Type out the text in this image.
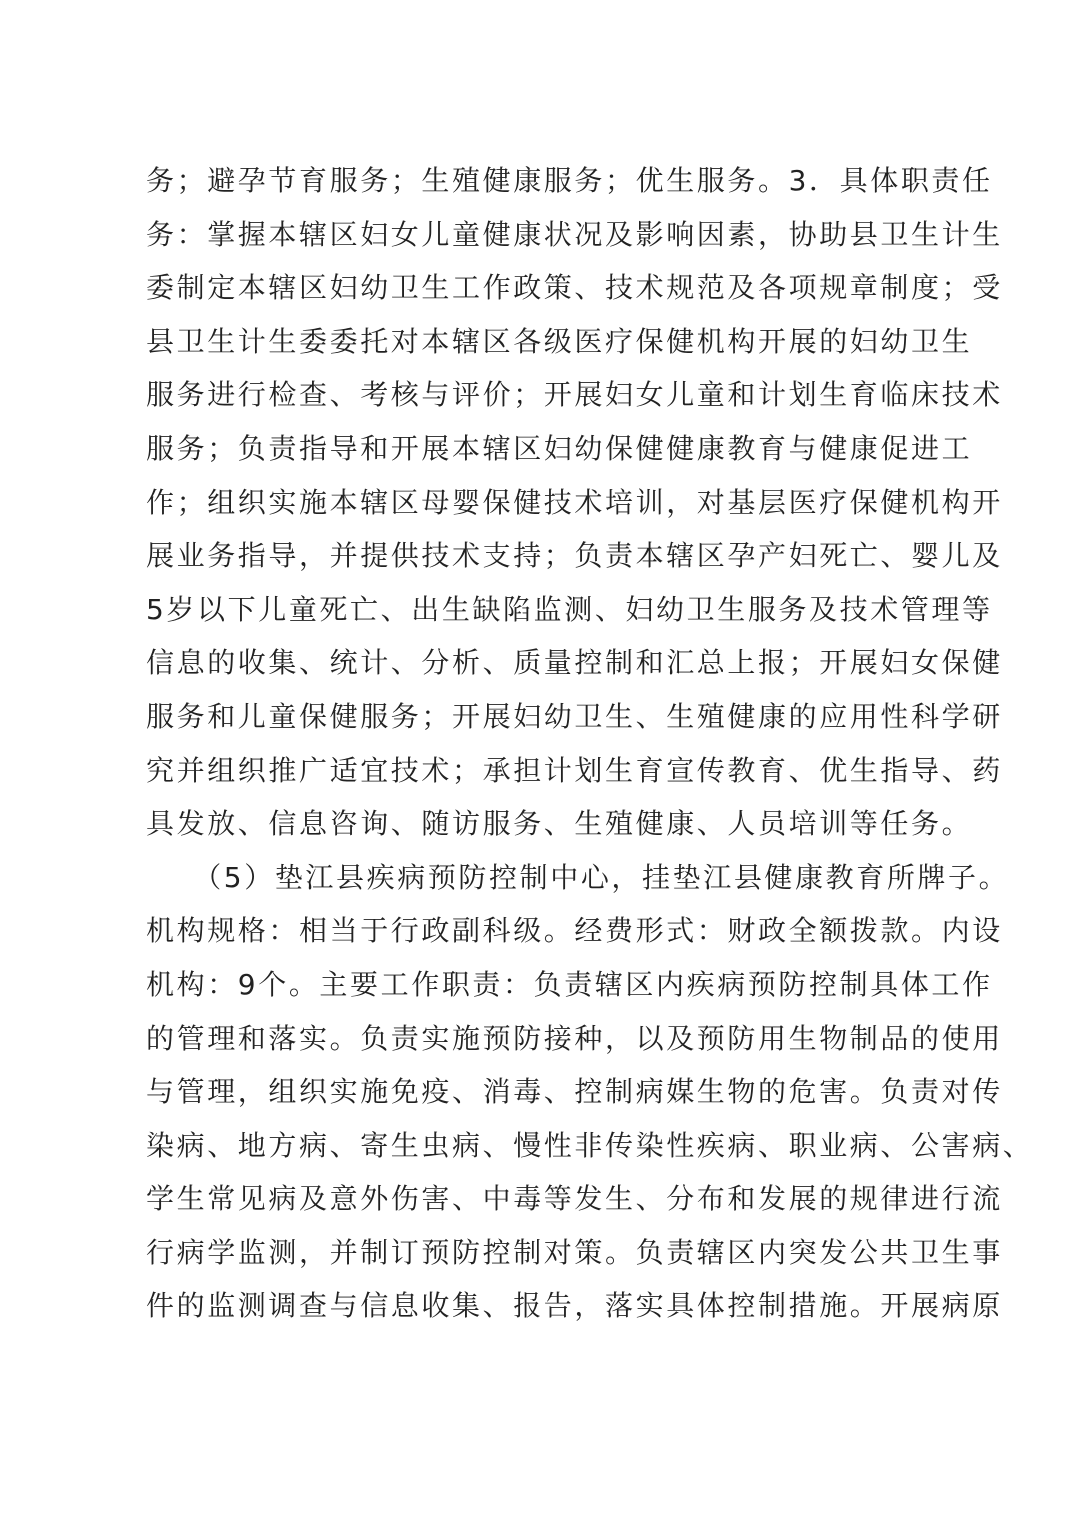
务；避孕节育服务；生殖健康服务；优生服务。3．具体职责任
务：掌握本辖区妇女儿童健康状况及影响因素，协助县卫生计生
委制定本辖区妇幼卫生工作政策、技术规范及各项规章制度；受
县卫生计生委委托对本辖区各级医疗保健机构开展的妇幼卫生
服务进行检查、考核与评价；开展妇女儿童和计划生育临床技术
服务；负责指导和开展本辖区妇幼保健健康教育与健康促进工
作；组织实施本辖区母婴保健技术培训，对基层医疗保健机构开
展业务指导，并提供技术支持；负责本辖区孕产妇死亡、婴儿及
5岁以下儿童死亡、出生缺陷监测、妇幼卫生服务及技术管理等
信息的收集、统计、分析、质量控制和汇总上报；开展妇女保健
服务和儿童保健服务；开展妇幼卫生、生殖健康的应用性科学研
究并组织推广适宜技术；承担计划生育宣传教育、优生指导、药
具发放、信息咨询、随访服务、生殖健康、人员培训等任务。
　　（5）垫江县疾病预防控制中心，挂垫江县健康教育所牌子。
机构规格：相当于行政副科级。经费形式：财政全额拨款。内设
机构：9个。主要工作职责：负责辖区内疾病预防控制具体工作
的管理和落实。负责实施预防接种，以及预防用生物制品的使用
与管理，组织实施免疫、消毒、控制病媒生物的危害。负责对传
染病、地方病、寄生虫病、慢性非传染性疾病、职业病、公害病、
学生常见病及意外伤害、中毒等发生、分布和发展的规律进行流
行病学监测，并制订预防控制对策。负责辖区内突发公共卫生事
件的监测调查与信息收集、报告，落实具体控制措施。开展病原
